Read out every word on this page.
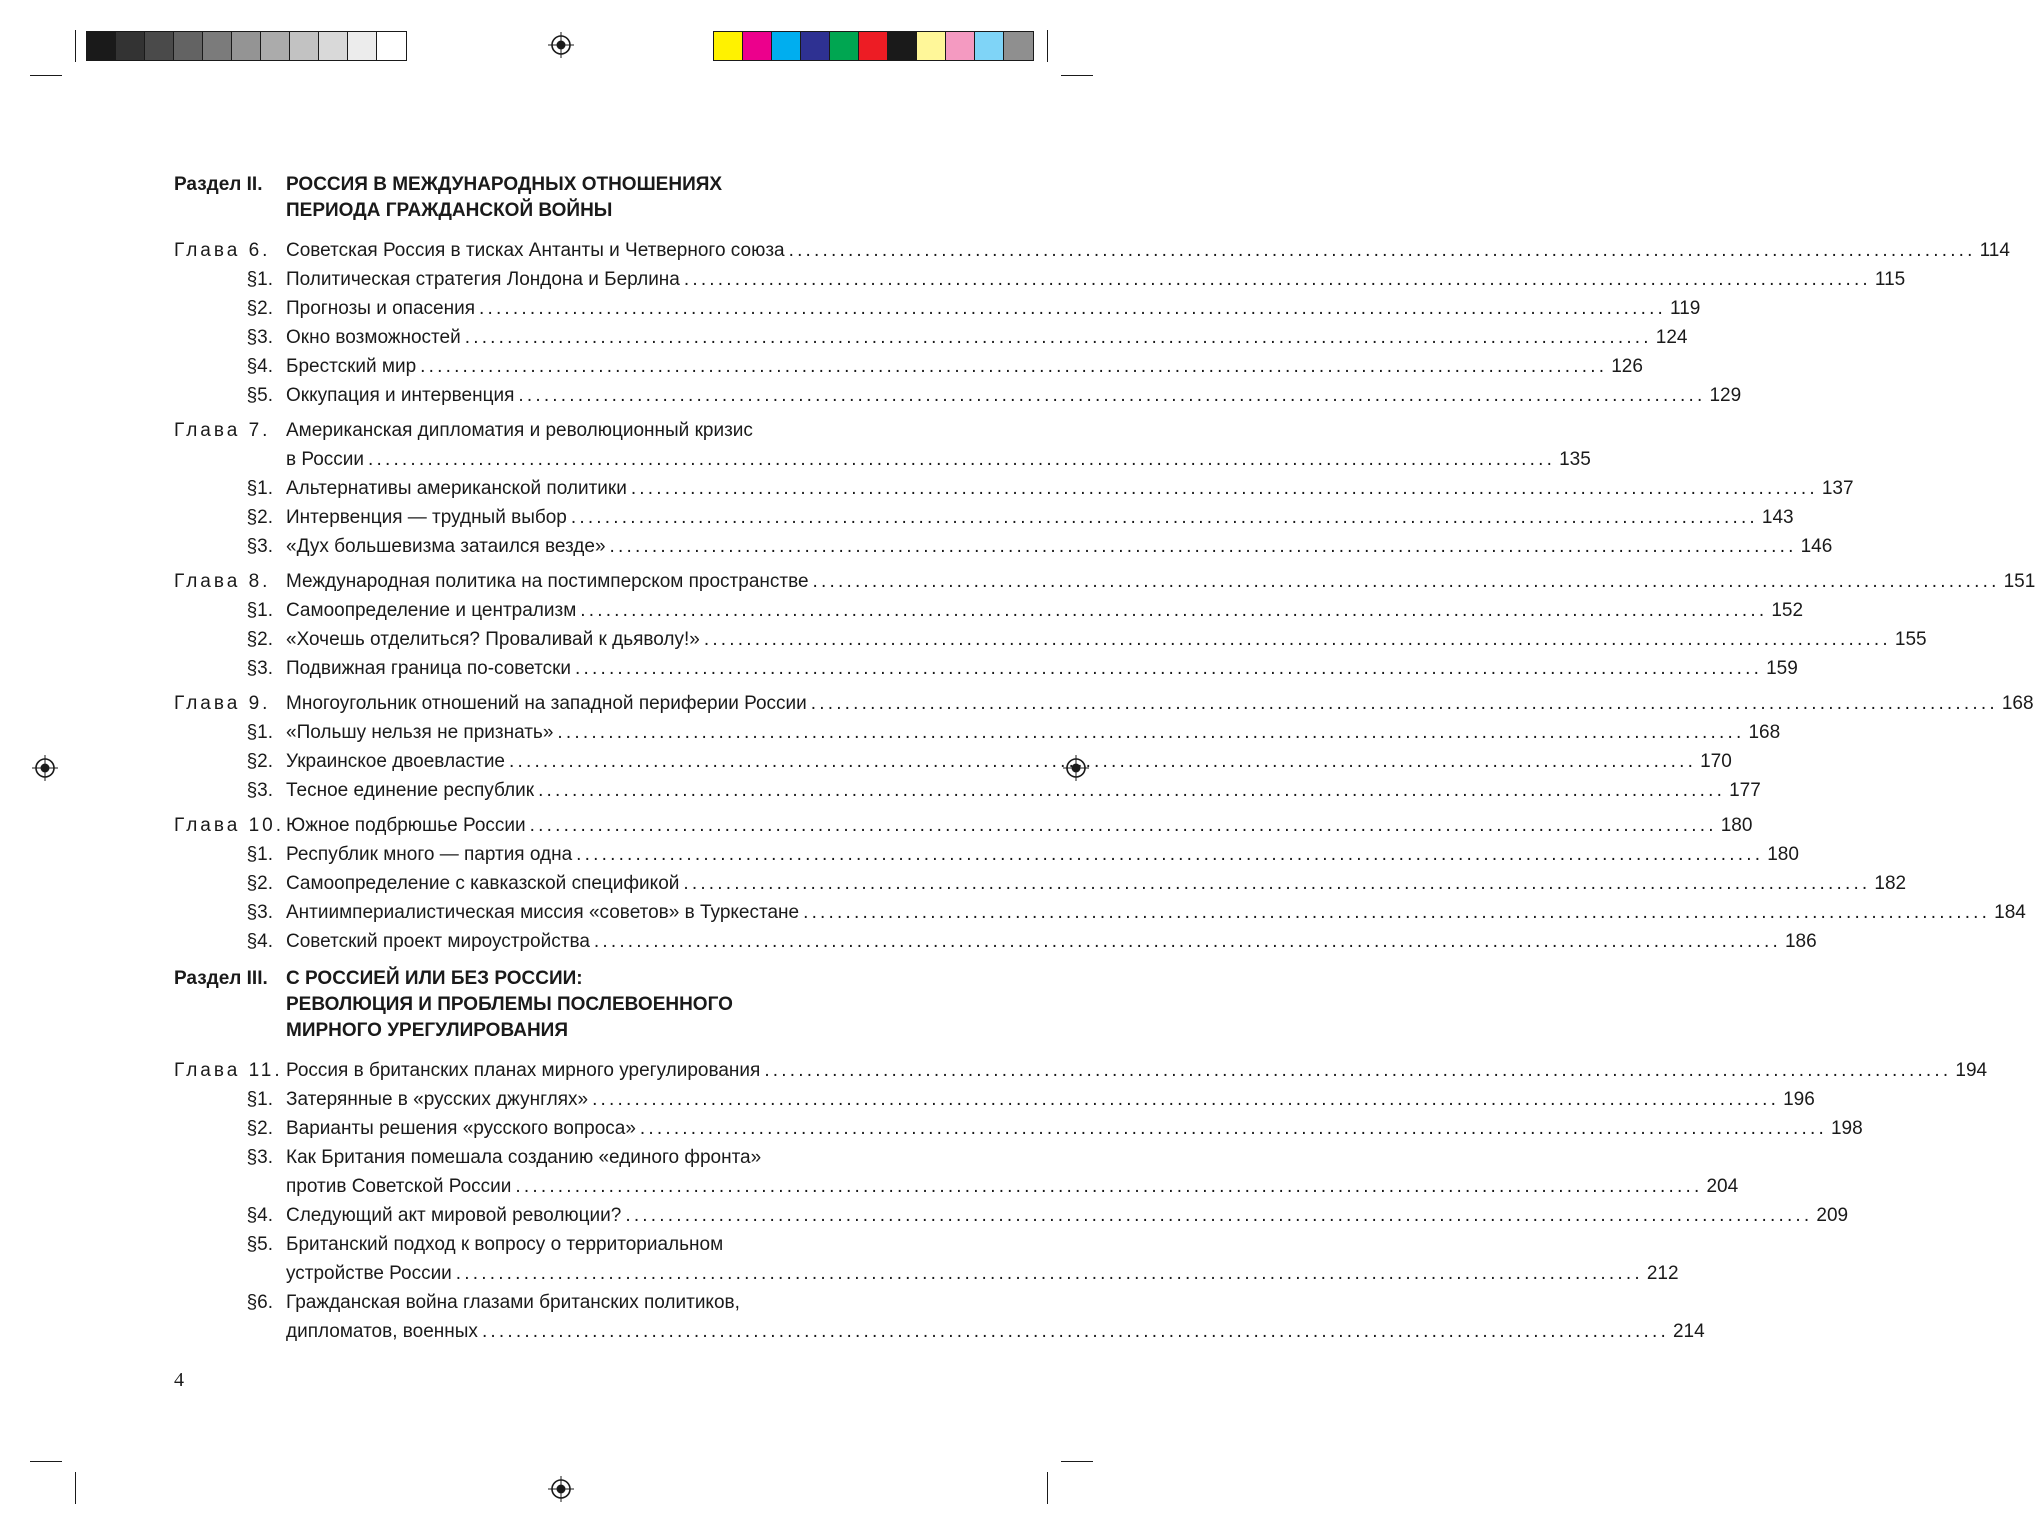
Раздел II.	РОССИЯ В МЕЖДУНАРОДНЫХ ОТНОШЕНИЯХ
ПЕРИОДА ГРАЖДАНСКОЙ ВОЙНЫ
Глава 6. Советская Россия в тисках Антанты и Четверного союза ............................................................................................................................................ 114
§1. Политическая стратегия Лондона и Берлина ............................................................................................................................................ 115
§2. Прогнозы и опасения ............................................................................................................................................ 119
§3. Окно возможностей ............................................................................................................................................ 124
§4. Брестский мир ............................................................................................................................................ 126
§5. Оккупация и интервенция ............................................................................................................................................ 129
Глава 7. Американская дипломатия и революционный кризис
в России ............................................................................................................................................ 135
§1. Альтернативы американской политики ............................................................................................................................................ 137
§2. Интервенция — трудный выбор ............................................................................................................................................ 143
§3. «Дух большевизма затаился везде» ............................................................................................................................................ 146
Глава 8. Международная политика на постимперском пространстве ............................................................................................................................................ 151
§1. Самоопределение и централизм ............................................................................................................................................ 152
§2. «Хочешь отделиться? Проваливай к дьяволу!» ............................................................................................................................................ 155
§3. Подвижная граница по-советски ............................................................................................................................................ 159
Глава 9. Многоугольник отношений на западной периферии России ............................................................................................................................................ 168
§1. «Польшу нельзя не признать» ............................................................................................................................................ 168
§2. Украинское двоевластие ............................................................................................................................................ 170
§3. Тесное единение республик ............................................................................................................................................ 177
Глава 10. Южное подбрюшье России ............................................................................................................................................ 180
§1. Республик много — партия одна ............................................................................................................................................ 180
§2. Самоопределение с кавказской спецификой ............................................................................................................................................ 182
§3. Антиимпериалистическая миссия «советов» в Туркестане ............................................................................................................................................ 184
§4. Советский проект мироустройства ............................................................................................................................................ 186
Раздел III. С РОССИЕЙ ИЛИ БЕЗ РОССИИ:
РЕВОЛЮЦИЯ И ПРОБЛЕМЫ ПОСЛЕВОЕННОГО
МИРНОГО УРЕГУЛИРОВАНИЯ
Глава 11. Россия в британских планах мирного урегулирования ............................................................................................................................................ 194
§1. Затерянные в «русских джунглях» ............................................................................................................................................ 196
§2. Варианты решения «русского вопроса» ............................................................................................................................................ 198
§3. Как Британия помешала созданию «единого фронта»
против Советской России ............................................................................................................................................ 204
§4. Следующий акт мировой революции? ............................................................................................................................................ 209
§5. Британский подход к вопросу о территориальном
устройстве России ............................................................................................................................................ 212
§6. Гражданская война глазами британских политиков,
дипломатов, военных ............................................................................................................................................ 214
4
